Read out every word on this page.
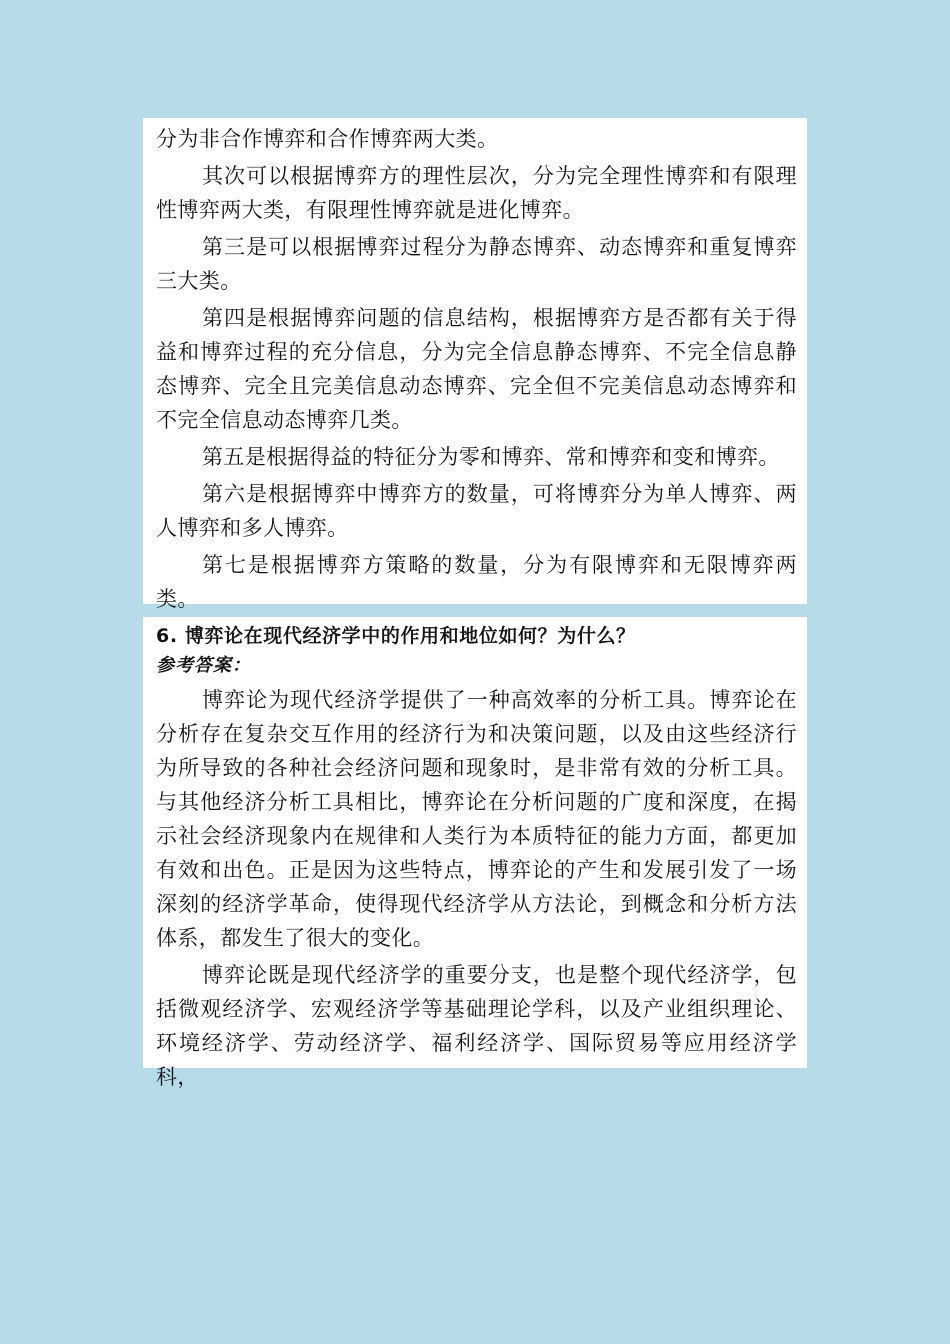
分为非合作博弈和合作博弈两大类。

其次可以根据博弈方的理性层次，分为完全理性博弈和有限理性博弈两大类，有限理性博弈就是进化博弈。

第三是可以根据博弈过程分为静态博弈、动态博弈和重复博弈三大类。

第四是根据博弈问题的信息结构，根据博弈方是否都有关于得益和博弈过程的充分信息，分为完全信息静态博弈、不完全信息静态博弈、完全且完美信息动态博弈、完全但不完美信息动态博弈和不完全信息动态博弈几类。

第五是根据得益的特征分为零和博弈、常和博弈和变和博弈。

第六是根据博弈中博弈方的数量，可将博弈分为单人博弈、两人博弈和多人博弈。

第七是根据博弈方策略的数量，分为有限博弈和无限博弈两类。

6. 博弈论在现代经济学中的作用和地位如何？为什么？

参考答案：

博弈论为现代经济学提供了一种高效率的分析工具。博弈论在分析存在复杂交互作用的经济行为和决策问题，以及由这些经济行为所导致的各种社会经济问题和现象时，是非常有效的分析工具。与其他经济分析工具相比，博弈论在分析问题的广度和深度，在揭示社会经济现象内在规律和人类行为本质特征的能力方面，都更加有效和出色。正是因为这些特点，博弈论的产生和发展引发了一场深刻的经济学革命，使得现代经济学从方法论，到概念和分析方法体系，都发生了很大的变化。

博弈论既是现代经济学的重要分支，也是整个现代经济学，包括微观经济学、宏观经济学等基础理论学科，以及产业组织理论、环境经济学、劳动经济学、福利经济学、国际贸易等应用经济学科，
